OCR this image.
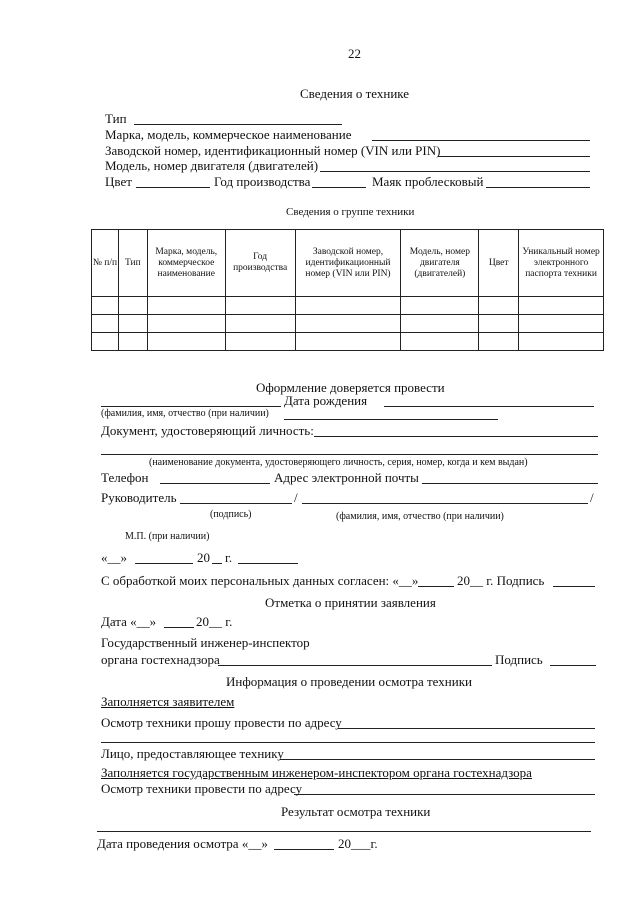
22
Сведения о технике
Тип
Марка, модель, коммерческое наименование
Заводской номер, идентификационный номер (VIN или PIN)
Модель, номер двигателя (двигателей)
Цвет	Год производства	Маяк проблесковый
Сведения о группе техники
№ п/п	Тип	Марка, модель, коммерческое наименование	Год производства	Заводской номер, идентификационный номер (VIN или PIN)	Модель, номер двигателя (двигателей)	Цвет	Уникальный номер электронного паспорта техники

Оформление доверяется провести
Дата рождения
(фамилия, имя, отчество (при наличии)
Документ, удостоверяющий личность:
(наименование документа, удостоверяющего личность, серия, номер, когда и кем выдан)
Телефон	Адрес электронной почты
Руководитель	/	/
(подпись)	(фамилия, имя, отчество (при наличии)
М.П. (при наличии)
«__»	20 г.
С обработкой моих персональных данных согласен: «__»	20__ г. Подпись
Отметка о принятии заявления
Дата «__»	20__ г.
Государственный инженер-инспектор
органа гостехнадзора	Подпись
Информация о проведении осмотра техники
Заполняется заявителем
Осмотр техники прошу провести по адресу
Лицо, предоставляющее технику
Заполняется государственным инженером-инспектором органа гостехнадзора
Осмотр техники провести по адресу
Результат осмотра техники
Дата проведения осмотра «__»	20___г.
